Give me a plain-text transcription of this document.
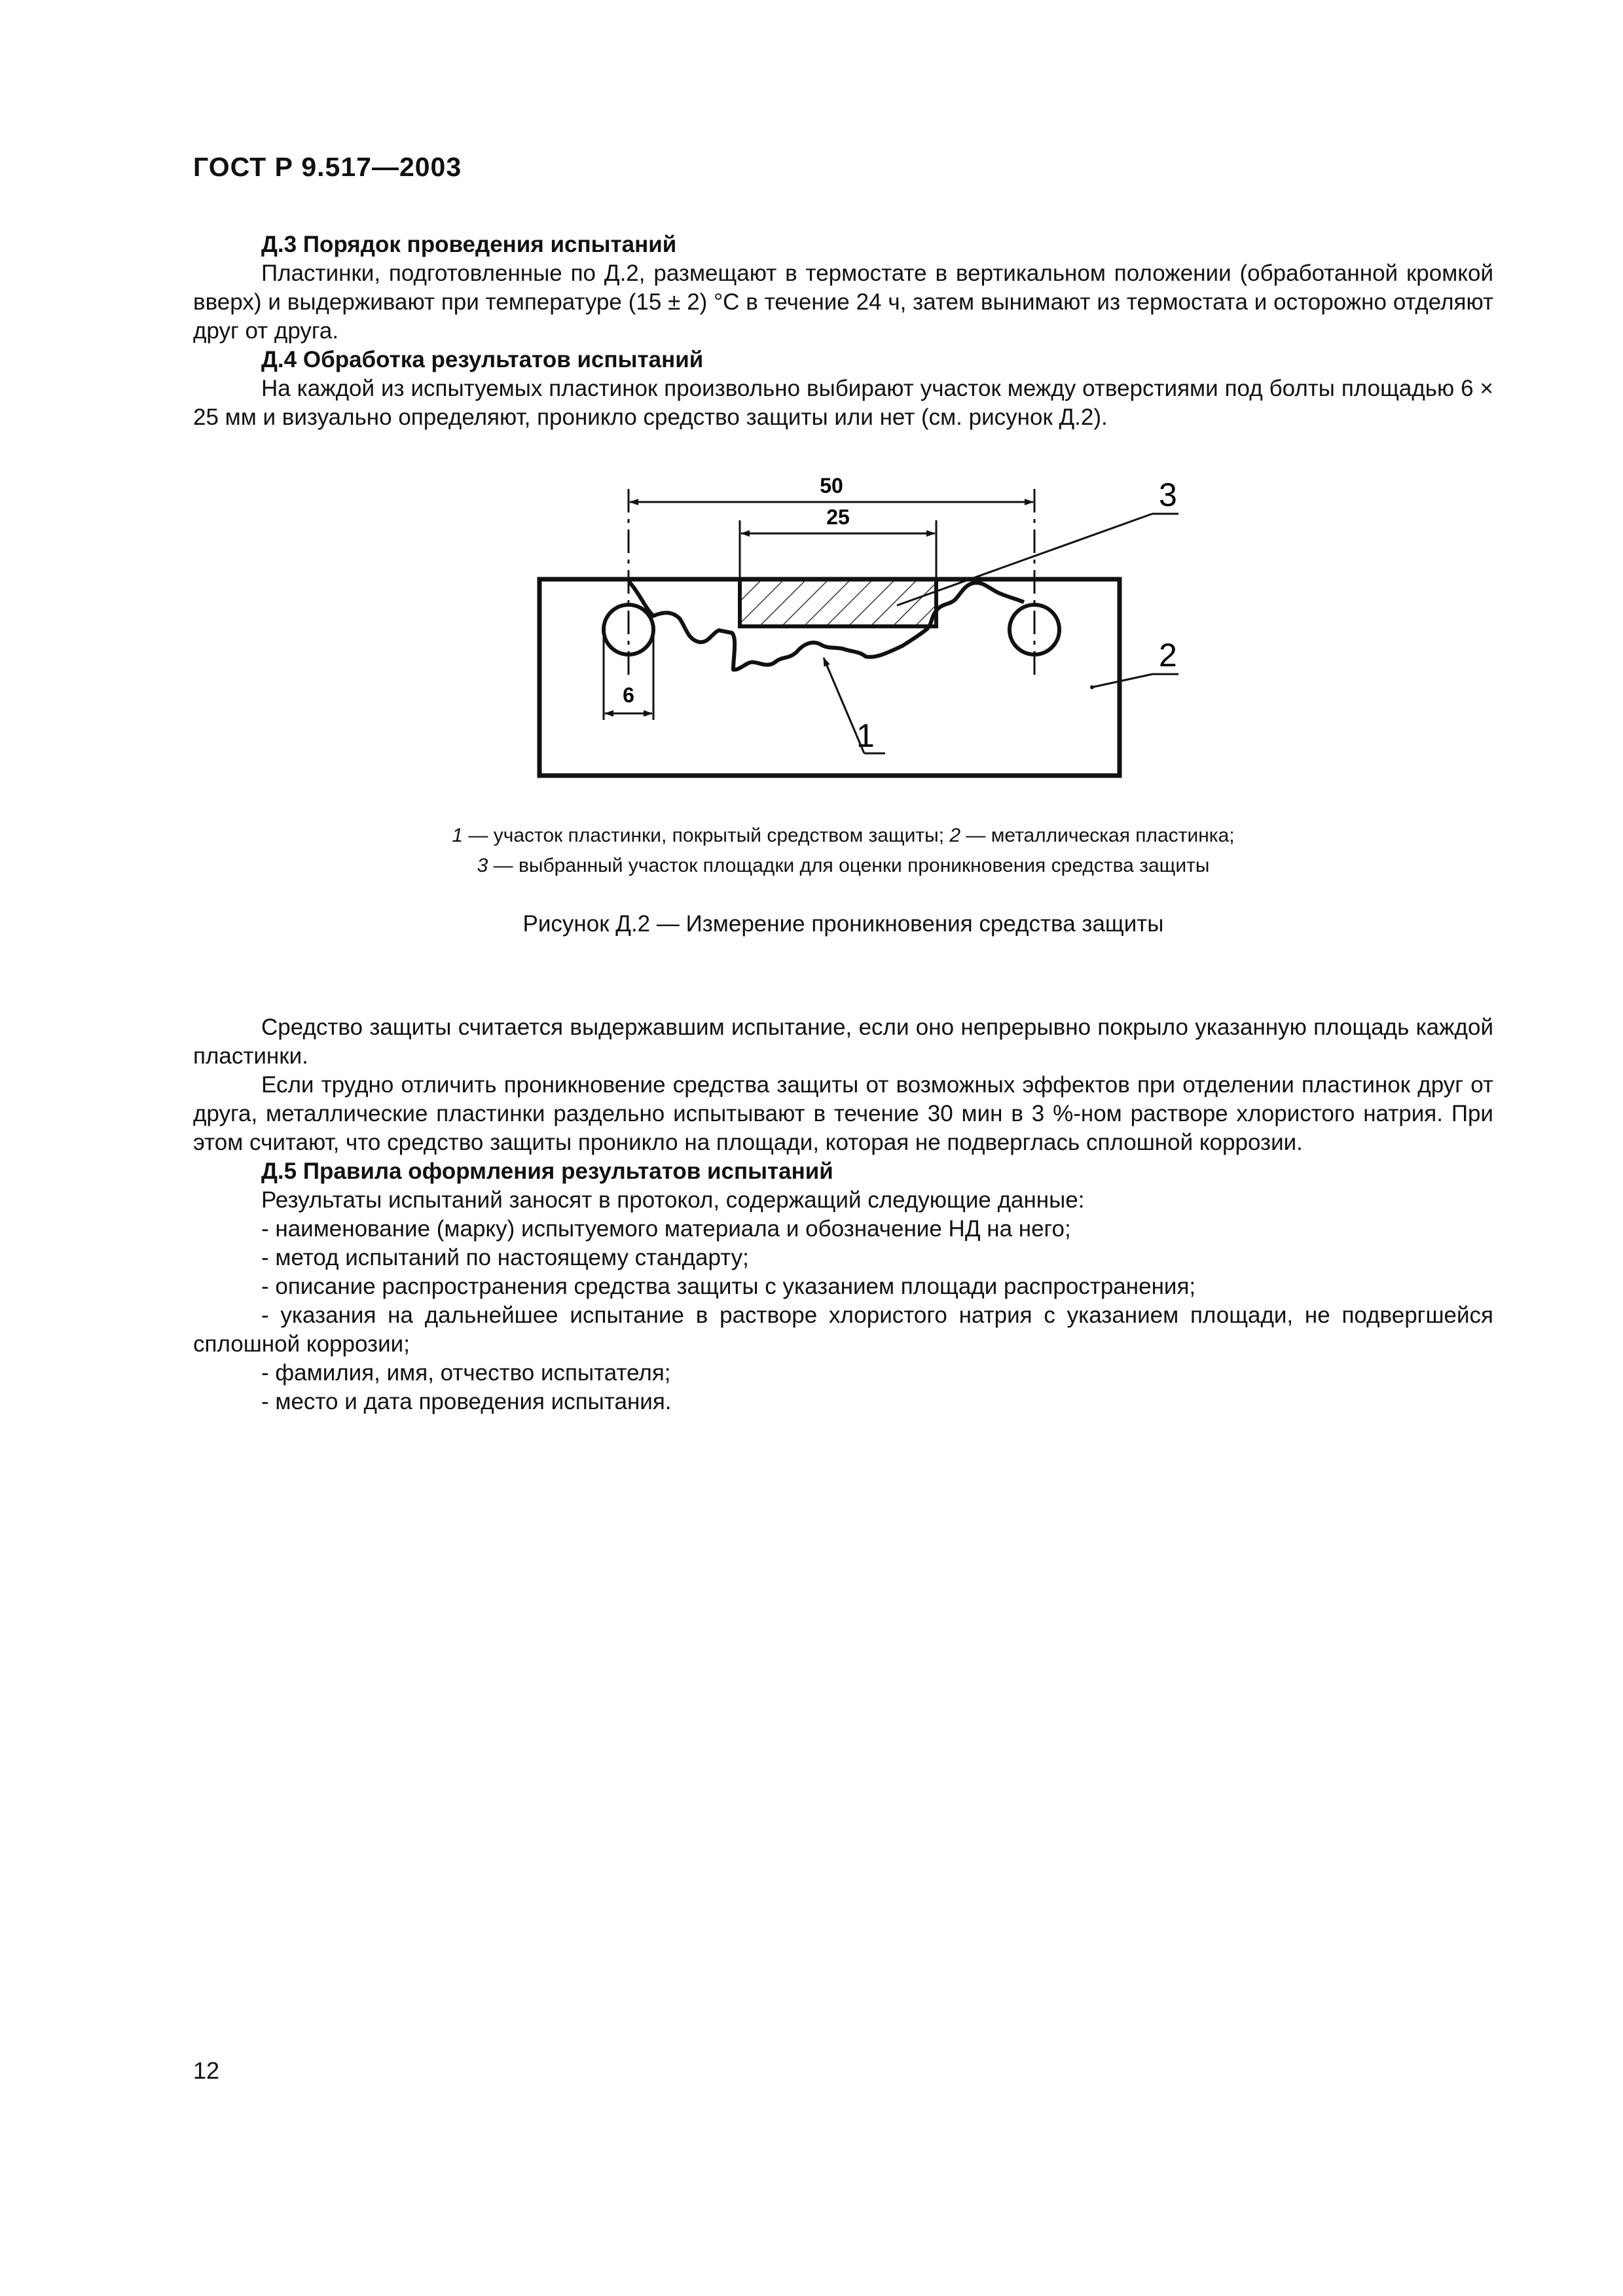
ГОСТ Р 9.517—2003

Д.3 Порядок проведения испытаний

Пластинки, подготовленные по Д.2, размещают в термостате в вертикальном положении (обработанной кромкой вверх) и выдерживают при температуре (15 ± 2) °С в течение 24 ч, затем вынимают из термостата и осторожно отделяют друг от друга.

Д.4 Обработка результатов испытаний

На каждой из испытуемых пластинок произвольно выбирают участок между отверстиями под болты площадью 6 × 25 мм и визуально определяют, проникло средство защиты или нет (см. рисунок Д.2).

50
25
6
3
2
1
1 — участок пластинки, покрытый средством защиты; 2 — металлическая пластинка;
3 — выбранный участок площадки для оценки проникновения средства защиты
Рисунок Д.2 — Измерение проникновения средства защиты

Средство защиты считается выдержавшим испытание, если оно непрерывно покрыло указанную площадь каждой пластинки.

Если трудно отличить проникновение средства защиты от возможных эффектов при отделении пластинок друг от друга, металлические пластинки раздельно испытывают в течение 30 мин в 3 %-ном растворе хлористого натрия. При этом считают, что средство защиты проникло на площади, которая не подверглась сплошной коррозии.

Д.5 Правила оформления результатов испытаний

Результаты испытаний заносят в протокол, содержащий следующие данные:

- наименование (марку) испытуемого материала и обозначение НД на него;

- метод испытаний по настоящему стандарту;

- описание распространения средства защиты с указанием площади распространения;

- указания на дальнейшее испытание в растворе хлористого натрия с указанием площади, не подвергшейся сплошной коррозии;

- фамилия, имя, отчество испытателя;

- место и дата проведения испытания.

12
